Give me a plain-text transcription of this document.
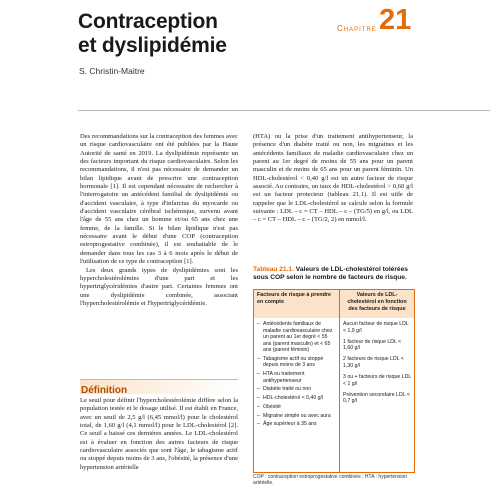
Contraception
et dyslipidémie
S. Christin-Maitre
Chapitre 21

Des recommandations sur la contraception des femmes avec un risque cardiovasculaire ont été publiées par la Haute Autorité de santé en 2019. La dyslipidémie représente un des facteurs important du risque cardiovasculaire. Selon les recommandations, il n'est pas nécessaire de demander un bilan lipidique avant de prescrire une contraception hormonale [1]. Il est cependant nécessaire de rechercher à l'interrogatoire un antécédent familial de dyslipidémie ou d'accident vasculaire, à type d'infarctus du myocarde ou d'accident vasculaire cérébral ischémique, survenu avant l'âge de 55 ans chez un homme et/ou 65 ans chez une femme, de la famille. Si le bilan lipidique n'est pas nécessaire avant le début d'une COP (contraception estroprogestative combinée), il est souhaitable de le demander dans tous les cas 3 à 6 mois après le début de l'utilisation de ce type de contraception [1].

Les deux grands types de dyslipidémies sont les hypercholestérolémies d'une part et les hypertriglycéridémies d'autre part. Certaines femmes ont une dyslipidémie combinée, associant l'hypercholestérolémie et l'hypertriglycéridémie.

Définition

Le seuil pour définir l'hypercholestérolémie diffère selon la population testée et le dosage utilisé. Il est établi en France, avec un seuil de 2,5 g/l (6,45 mmol/l) pour le cholestérol total, de 1,60 g/l (4,1 mmol/l) pour le LDL-cholestérol [2]. Ce seuil a baissé ces dernières années. Le LDL-cholestérol est à évaluer en fonction des autres facteurs de risque cardiovasculaire associés que sont l'âge, le tabagisme actif ou stoppé depuis moins de 3 ans, l'obésité, la présence d'une hypertension artérielle

(HTA) ou la prise d'un traitement antihypertenseur, la présence d'un diabète traité ou non, les migraines et les antécédents familiaux de maladie cardiovasculaire chez un parent au 1er degré de moins de 55 ans pour un parent masculin et de moins de 65 ans pour un parent féminin. Un HDL-cholestérol < 0,40 g/l est un autre facteur de risque associé. Au contraire, un taux de HDL-cholestérol > 0,60 g/l est un facteur protecteur (tableau 21.1). Il est utile de rappeler que le LDL-cholestérol se calcule selon la formule suivante : LDL – c = CT – HDL – c – (TG/5) en g/l, ou LDL – c = CT – HDL – c – (TG/2, 2) en mmol/l.

Tableau 21.1. Valeurs de LDL-cholestérol tolérées sous COP selon le nombre de facteurs de risque.
Facteurs de risque à prendre en compte
Valeurs de LDL-cholestérol en fonction des facteurs de risque
– Antécédents familiaux de maladie cardiovasculaire chez un parent au 1er degré < 55 ans (parent masculin) et < 65 ans (parent féminin)
– Tabagisme actif ou stoppé depuis moins de 3 ans
– HTA ou traitement antihypertenseur
– Diabète traité ou non
– HDL-cholestérol < 0,40 g/l
– Obésité
– Migraine simple ou avec aura
– Âge supérieur à 35 ans
Aucun facteur de risque LDL < 1,9 g/l
1 facteur de risque LDL < 1,60 g/l
2 facteurs de risque LDL < 1,30 g/l
3 ou + facteurs de risque LDL < 1 g/l
Prévention secondaire LDL < 0,7 g/l
COP : contraception estroprogestative combinée ; HTA : hypertension artérielle.
